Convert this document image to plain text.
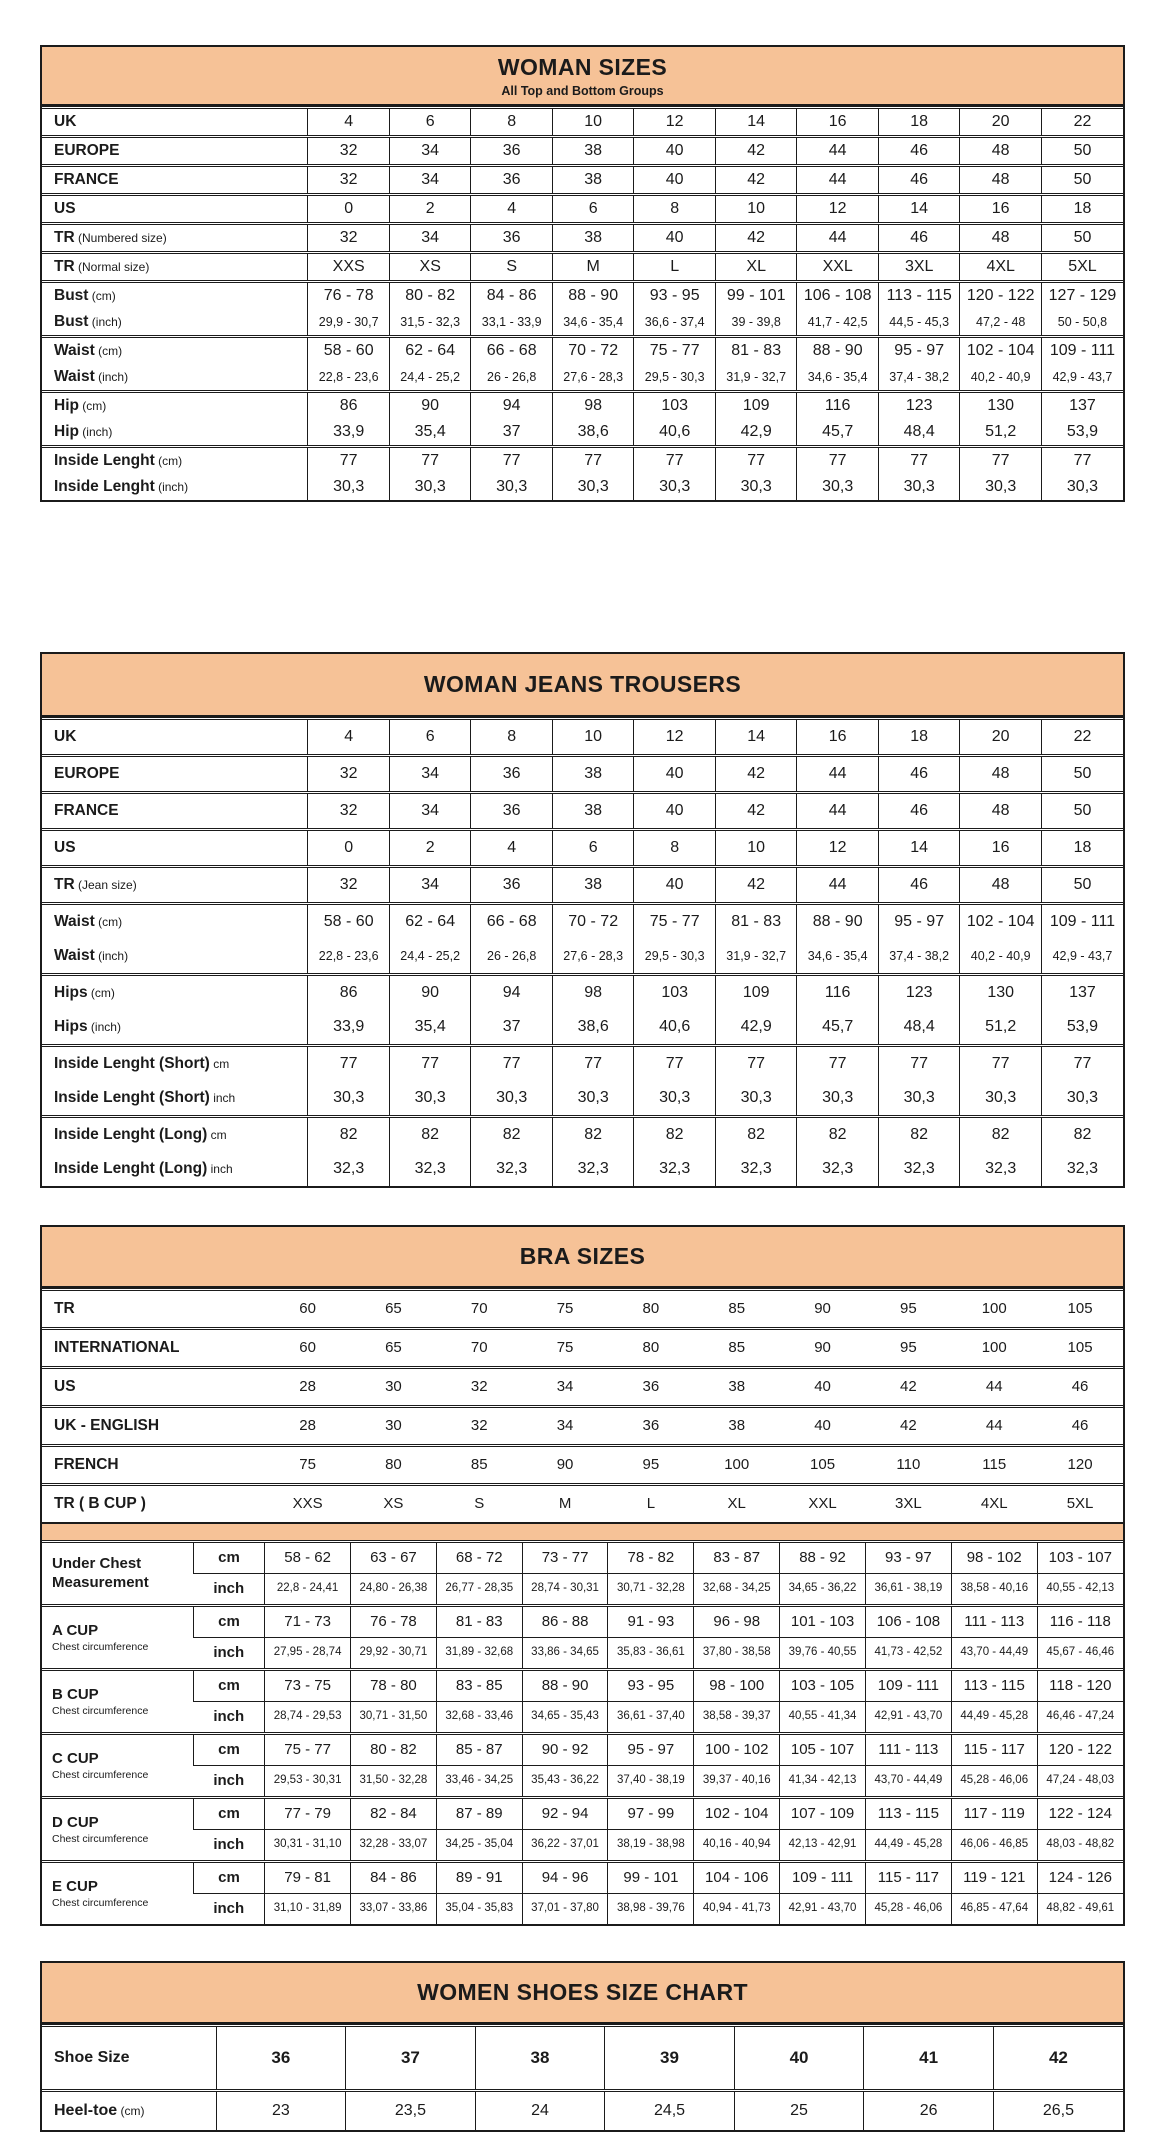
WOMAN SIZES
All Top and Bottom Groups
UK	4	6	8	10	12	14	16	18	20	22
EUROPE	32	34	36	38	40	42	44	46	48	50
FRANCE	32	34	36	38	40	42	44	46	48	50
US	0	2	4	6	8	10	12	14	16	18
TR (Numbered size)	32	34	36	38	40	42	44	46	48	50
TR (Normal size)	XXS	XS	S	M	L	XL	XXL	3XL	4XL	5XL
Bust (cm)	76 - 78	80 - 82	84 - 86	88 - 90	93 - 95	99 - 101	106 - 108	113 - 115	120 - 122	127 - 129
Bust (inch)	29,9 - 30,7	31,5 - 32,3	33,1 - 33,9	34,6 - 35,4	36,6 - 37,4	39 - 39,8	41,7 - 42,5	44,5 - 45,3	47,2 - 48	50 - 50,8
Waist (cm)	58 - 60	62 - 64	66 - 68	70 - 72	75 - 77	81 - 83	88 - 90	95 - 97	102 - 104	109 - 111
Waist (inch)	22,8 - 23,6	24,4 - 25,2	26 - 26,8	27,6 - 28,3	29,5 - 30,3	31,9 - 32,7	34,6 - 35,4	37,4 - 38,2	40,2 - 40,9	42,9 - 43,7
Hip (cm)	86	90	94	98	103	109	116	123	130	137
Hip (inch)	33,9	35,4	37	38,6	40,6	42,9	45,7	48,4	51,2	53,9
Inside Lenght (cm)	77	77	77	77	77	77	77	77	77	77
Inside Lenght (inch)	30,3	30,3	30,3	30,3	30,3	30,3	30,3	30,3	30,3	30,3
WOMAN JEANS TROUSERS
UK	4	6	8	10	12	14	16	18	20	22
EUROPE	32	34	36	38	40	42	44	46	48	50
FRANCE	32	34	36	38	40	42	44	46	48	50
US	0	2	4	6	8	10	12	14	16	18
TR (Jean size)	32	34	36	38	40	42	44	46	48	50
Waist (cm)	58 - 60	62 - 64	66 - 68	70 - 72	75 - 77	81 - 83	88 - 90	95 - 97	102 - 104	109 - 111
Waist (inch)	22,8 - 23,6	24,4 - 25,2	26 - 26,8	27,6 - 28,3	29,5 - 30,3	31,9 - 32,7	34,6 - 35,4	37,4 - 38,2	40,2 - 40,9	42,9 - 43,7
Hips (cm)	86	90	94	98	103	109	116	123	130	137
Hips (inch)	33,9	35,4	37	38,6	40,6	42,9	45,7	48,4	51,2	53,9
Inside Lenght (Short) cm	77	77	77	77	77	77	77	77	77	77
Inside Lenght (Short) inch	30,3	30,3	30,3	30,3	30,3	30,3	30,3	30,3	30,3	30,3
Inside Lenght (Long) cm	82	82	82	82	82	82	82	82	82	82
Inside Lenght (Long) inch	32,3	32,3	32,3	32,3	32,3	32,3	32,3	32,3	32,3	32,3
BRA SIZES
TR		60	65	70	75	80	85	90	95	100	105
INTERNATIONAL		60	65	70	75	80	85	90	95	100	105
US		28	30	32	34	36	38	40	42	44	46
UK - ENGLISH		28	30	32	34	36	38	40	42	44	46
FRENCH		75	80	85	90	95	100	105	110	115	120
TR ( B CUP )		XXS	XS	S	M	L	XL	XXL	3XL	4XL	5XL

Under Chest
Measurement	cm	58 - 62	63 - 67	68 - 72	73 - 77	78 - 82	83 - 87	88 - 92	93 - 97	98 - 102	103 - 107
	inch	22,8 - 24,41	24,80 - 26,38	26,77 - 28,35	28,74 - 30,31	30,71 - 32,28	32,68 - 34,25	34,65 - 36,22	36,61 - 38,19	38,58 - 40,16	40,55 - 42,13

A CUP
Chest circumference	cm	71 - 73	76 - 78	81 - 83	86 - 88	91 - 93	96 - 98	101 - 103	106 - 108	111 - 113	116 - 118
	inch	27,95 - 28,74	29,92 - 30,71	31,89 - 32,68	33,86 - 34,65	35,83 - 36,61	37,80 - 38,58	39,76 - 40,55	41,73 - 42,52	43,70 - 44,49	45,67 - 46,46

B CUP
Chest circumference	cm	73 - 75	78 - 80	83 - 85	88 - 90	93 - 95	98 - 100	103 - 105	109 - 111	113 - 115	118 - 120
	inch	28,74 - 29,53	30,71 - 31,50	32,68 - 33,46	34,65 - 35,43	36,61 - 37,40	38,58 - 39,37	40,55 - 41,34	42,91 - 43,70	44,49 - 45,28	46,46 - 47,24

C CUP
Chest circumference	cm	75 - 77	80 - 82	85 - 87	90 - 92	95 - 97	100 - 102	105 - 107	111 - 113	115 - 117	120 - 122
	inch	29,53 - 30,31	31,50 - 32,28	33,46 - 34,25	35,43 - 36,22	37,40 - 38,19	39,37 - 40,16	41,34 - 42,13	43,70 - 44,49	45,28 - 46,06	47,24 - 48,03

D CUP
Chest circumference	cm	77 - 79	82 - 84	87 - 89	92 - 94	97 - 99	102 - 104	107 - 109	113 - 115	117 - 119	122 - 124
	inch	30,31 - 31,10	32,28 - 33,07	34,25 - 35,04	36,22 - 37,01	38,19 - 38,98	40,16 - 40,94	42,13 - 42,91	44,49 - 45,28	46,06 - 46,85	48,03 - 48,82

E CUP
Chest circumference	cm	79 - 81	84 - 86	89 - 91	94 - 96	99 - 101	104 - 106	109 - 111	115 - 117	119 - 121	124 - 126
	inch	31,10 - 31,89	33,07 - 33,86	35,04 - 35,83	37,01 - 37,80	38,98 - 39,76	40,94 - 41,73	42,91 - 43,70	45,28 - 46,06	46,85 - 47,64	48,82 - 49,61
WOMEN SHOES SIZE CHART
Shoe Size	36	37	38	39	40	41	42
Heel-toe (cm)	23	23,5	24	24,5	25	26	26,5
